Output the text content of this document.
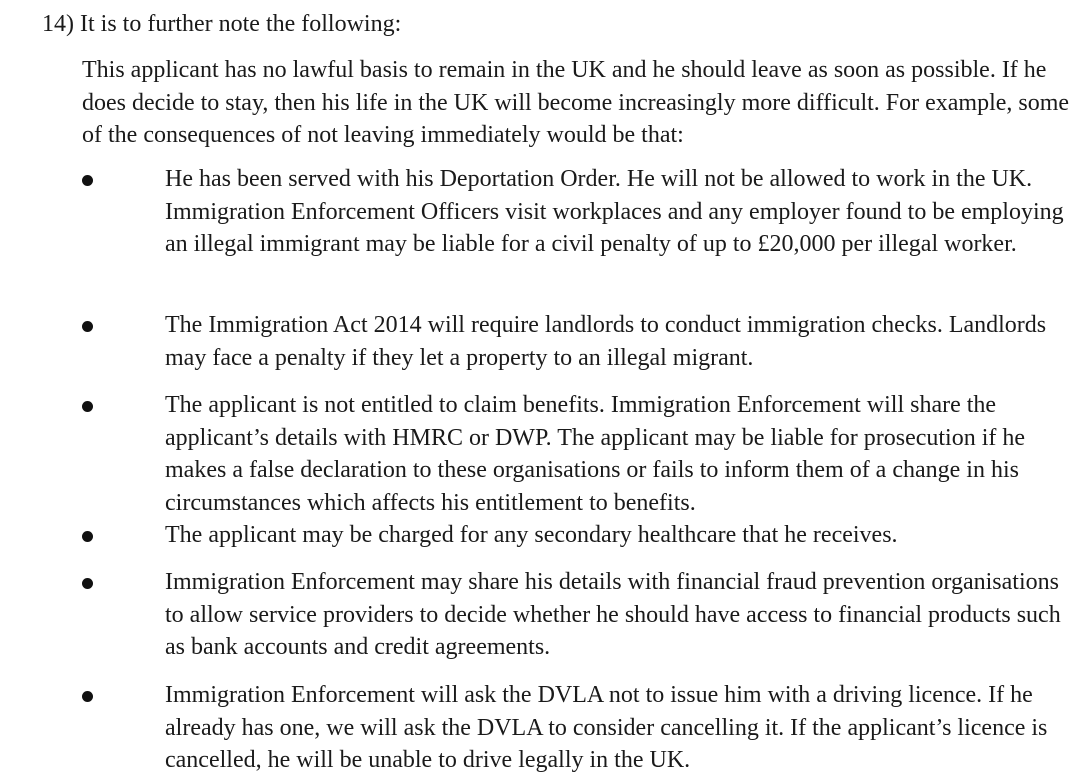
14) It is to further note the following:

This applicant has no lawful basis to remain in the UK and he should leave as soon as possible. If he does decide to stay, then his life in the UK will become increasingly more difficult. For example, some of the consequences of not leaving immediately would be that:

He has been served with his Deportation Order. He will not be allowed to work in the UK. Immigration Enforcement Officers visit workplaces and any employer found to be employing an illegal immigrant may be liable for a civil penalty of up to £20,000 per illegal worker.
The Immigration Act 2014 will require landlords to conduct immigration checks. Landlords may face a penalty if they let a property to an illegal migrant.
The applicant is not entitled to claim benefits. Immigration Enforcement will share the applicant’s details with HMRC or DWP. The applicant may be liable for prosecution if he makes a false declaration to these organisations or fails to inform them of a change in his circumstances which affects his entitlement to benefits.
The applicant may be charged for any secondary healthcare that he receives.
Immigration Enforcement may share his details with financial fraud prevention organisations to allow service providers to decide whether he should have access to financial products such as bank accounts and credit agreements.
Immigration Enforcement will ask the DVLA not to issue him with a driving licence. If he already has one, we will ask the DVLA to consider cancelling it. If the applicant’s licence is cancelled, he will be unable to drive legally in the UK.
